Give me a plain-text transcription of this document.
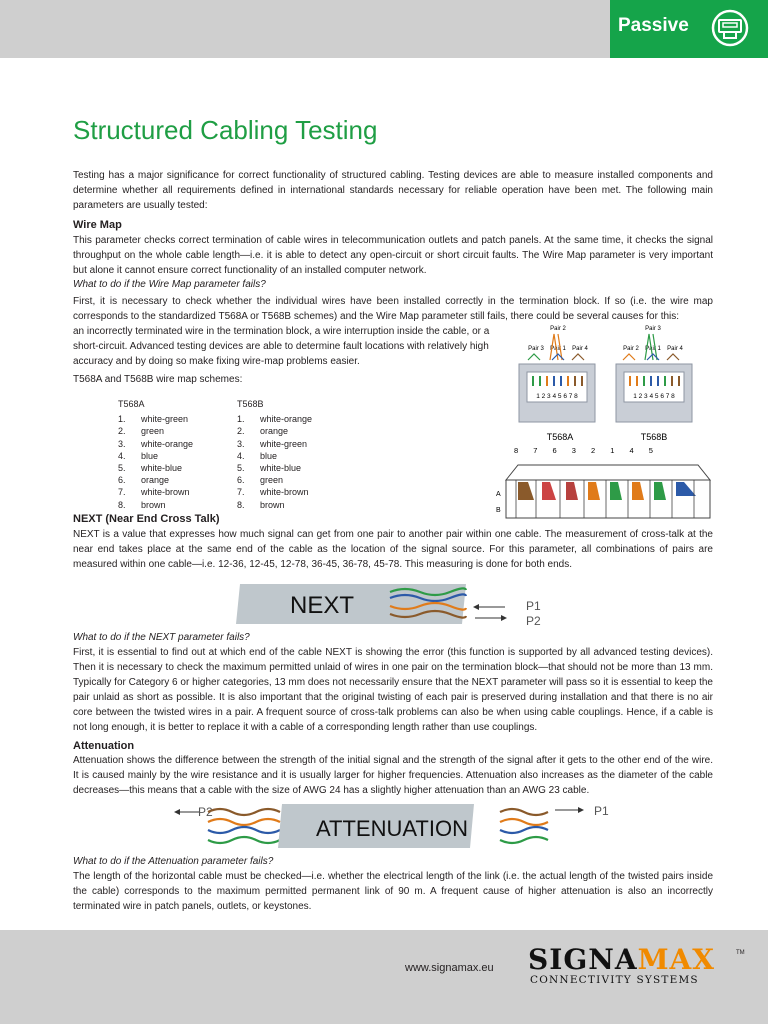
Passive
Structured Cabling Testing
Testing has a major significance for correct functionality of structured cabling. Testing devices are able to measure installed components and determine whether all requirements defined in international standards necessary for reliable operation have been met. The following main parameters are usually tested:
Wire Map
This parameter checks correct termination of cable wires in telecommunication outlets and patch panels. At the same time, it checks the signal throughput on the whole cable length—i.e. it is able to detect any open-circuit or short circuit faults. The Wire Map parameter is very important but alone it cannot ensure correct functionality of an installed computer network.
What to do if the Wire Map parameter fails?
First, it is necessary to check whether the individual wires have been installed correctly in the termination block. If so (i.e. the wire map corresponds to the standardized T568A or T568B schemes) and the Wire Map parameter still fails, there could be several causes for this:
an incorrectly terminated wire in the termination block, a wire interruption inside the cable, or a short-circuit. Advanced testing devices are able to determine fault locations with relatively high accuracy and by doing so make fixing wire-map problems easier.
T568A and T568B wire map schemes:
T568A
1. white-green
2. green
3. white-orange
4. blue
5. white-blue
6. orange
7. white-brown
8. brown
T568B
1. white-orange
2. orange
3. white-green
4. blue
5. white-blue
6. green
7. white-brown
8. brown
Pair 2
Pair 3 Pair 1 Pair 4
1 2 3 4 5 6 7 8
T568A
Pair 3
Pair 2 Pair 1 Pair 4
1 2 3 4 5 6 7 8
T568B
8 7 6 3 2 1 4 5
A
B
NEXT (Near End Cross Talk)
NEXT is a value that expresses how much signal can get from one pair to another pair within one cable. The measurement of cross-talk at the near end takes place at the same end of the cable as the location of the signal source. For this parameter, all combinations of pairs are measured within one cable—i.e. 12-36, 12-45, 12-78, 36-45, 36-78, 45-78. This measuring is done for both ends.
NEXT	P1
P2
What to do if the NEXT parameter fails?
First, it is essential to find out at which end of the cable NEXT is showing the error (this function is supported by all advanced testing devices). Then it is necessary to check the maximum permitted unlaid of wires in one pair on the termination block—that should not be more than 13 mm. Typically for Category 6 or higher categories, 13 mm does not necessarily ensure that the NEXT parameter will pass so it is essential to keep the pair unlaid as short as possible. It is also important that the original twisting of each pair is preserved during installation and that there is no air core between the twisted wires in a pair. A frequent source of cross-talk problems can also be when using cable couplings. Hence, if a cable is not long enough, it is better to replace it with a cable of a corresponding length rather than use couplings.
Attenuation
Attenuation shows the difference between the strength of the initial signal and the strength of the signal after it gets to the other end of the wire. It is caused mainly by the wire resistance and it is usually larger for higher frequencies. Attenuation also increases as the diameter of the cable decreases—this means that a cable with the size of AWG 24 has a slightly higher attenuation than an AWG 23 cable.
P2
ATTENUATION
P1
What to do if the Attenuation parameter fails?
The length of the horizontal cable must be checked—i.e. whether the electrical length of the link (i.e. the actual length of the twisted pairs inside the cable) corresponds to the maximum permitted permanent link of 90 m. A frequent cause of higher attenuation is also an incorrectly terminated wire in patch panels, outlets, or keystones.
www.signamax.eu SIGNAMAX
CONNECTIVITY SYSTEMS
TM
